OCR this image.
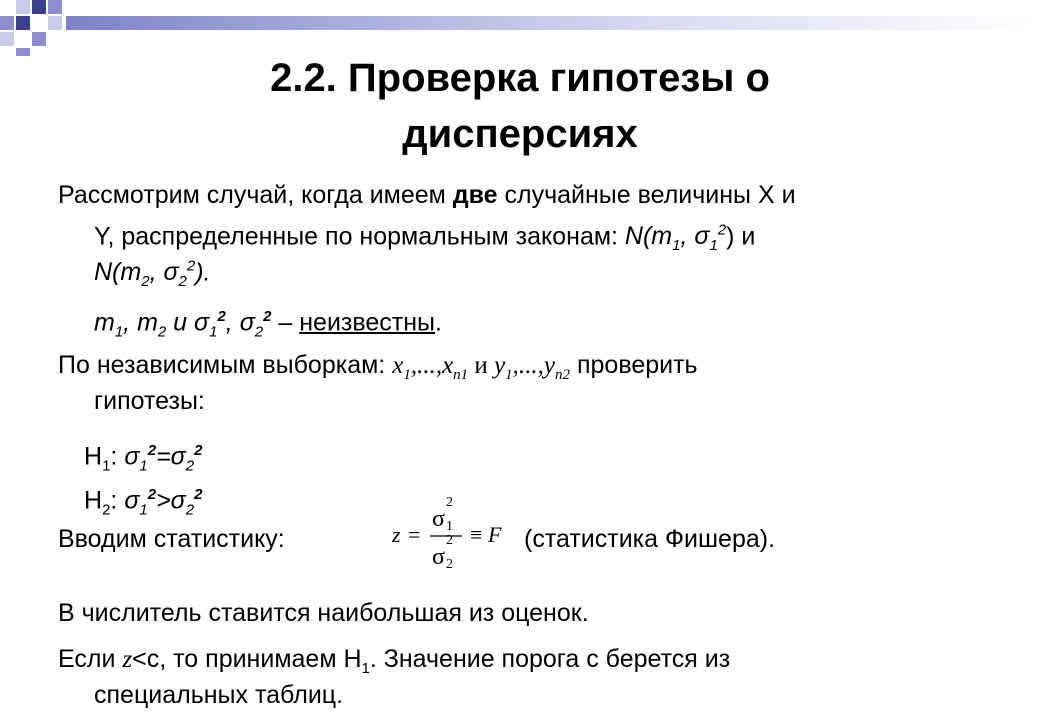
2.2. Проверка гипотезы о
дисперсиях
Рассмотрим случай, когда имеем две случайные величины X и
Y, распределенные по нормальным законам: $N(m_1$, $\sigma_1^2$) и
$N(m_2$, $\sigma_2^2$).
$m_1$, $m_2$ и $\sigma_1^2$, $\sigma_2^2$ – неизвестны.
По независимым выборкам: $x_1,...,x_{n1}$ и $y_1,...,y_{n2}$ проверить
гипотезы:
$H_1$: $\sigma_1^2=\sigma_2^2$
$H_2$: $\sigma_1^2>\sigma_2^2$
Вводим статистику:	z =
σ 1
2
σ 2
2 ≡ F (статистика Фишера).
В числитель ставится наибольшая из оценок.
Если z<c, то принимаем $H_1$. Значение порога c берется из
специальных таблиц.
